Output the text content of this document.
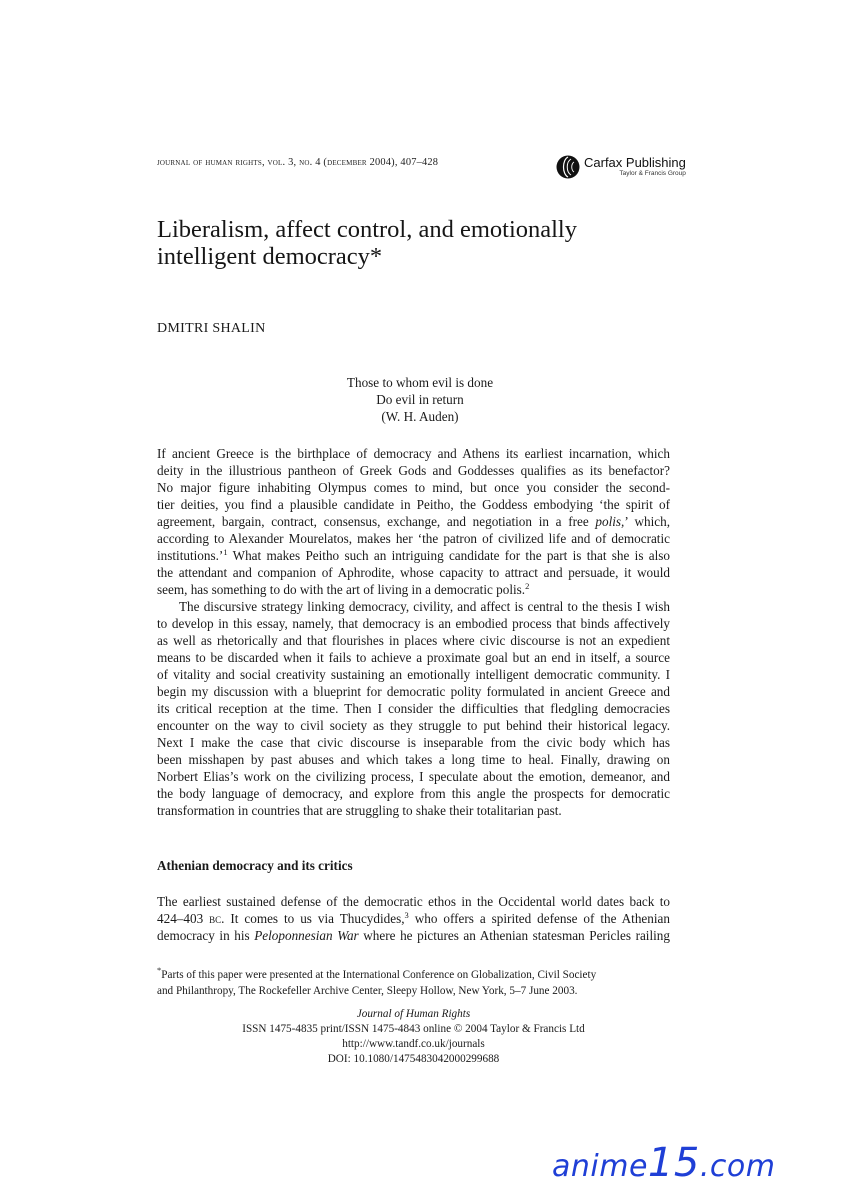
journal of human rights, vol. 3, no. 4 (december 2004), 407–428	Carfax Publishing
Taylor & Francis Group
Liberalism, affect control, and emotionally
intelligent democracy*
DMITRI SHALIN
Those to whom evil is done
Do evil in return
(W. H. Auden)
If ancient Greece is the birthplace of democracy and Athens its earliest incarnation, which
deity in the illustrious pantheon of Greek Gods and Goddesses qualifies as its benefactor?
No major figure inhabiting Olympus comes to mind, but once you consider the second-
tier deities, you find a plausible candidate in Peitho, the Goddess embodying ‘the spirit of
agreement, bargain, contract, consensus, exchange, and negotiation in a free polis,’ which,
according to Alexander Mourelatos, makes her ‘the patron of civilized life and of democratic
institutions.’$^1$ What makes Peitho such an intriguing candidate for the part is that she is also
the attendant and companion of Aphrodite, whose capacity to attract and persuade, it would
seem, has something to do with the art of living in a democratic polis.$^2$
The discursive strategy linking democracy, civility, and affect is central to the thesis I wish
to develop in this essay, namely, that democracy is an embodied process that binds affectively
as well as rhetorically and that flourishes in places where civic discourse is not an expedient
means to be discarded when it fails to achieve a proximate goal but an end in itself, a source
of vitality and social creativity sustaining an emotionally intelligent democratic community. I
begin my discussion with a blueprint for democratic polity formulated in ancient Greece and
its critical reception at the time. Then I consider the difficulties that fledgling democracies
encounter on the way to civil society as they struggle to put behind their historical legacy.
Next I make the case that civic discourse is inseparable from the civic body which has
been misshapen by past abuses and which takes a long time to heal. Finally, drawing on
Norbert Elias’s work on the civilizing process, I speculate about the emotion, demeanor, and
the body language of democracy, and explore from this angle the prospects for democratic
transformation in countries that are struggling to shake their totalitarian past.
Athenian democracy and its critics
The earliest sustained defense of the democratic ethos in the Occidental world dates back to
424–403 bc. It comes to us via Thucydides,$^3$ who offers a spirited defense of the Athenian
democracy in his Peloponnesian War where he pictures an Athenian statesman Pericles railing
*Parts of this paper were presented at the International Conference on Globalization, Civil Society
and Philanthropy, The Rockefeller Archive Center, Sleepy Hollow, New York, 5–7 June 2003.
Journal of Human Rights
ISSN 1475-4835 print/ISSN 1475-4843 online © 2004 Taylor & Francis Ltd
http://www.tandf.co.uk/journals
DOI: 10.1080/1475483042000299688
anime15.com
